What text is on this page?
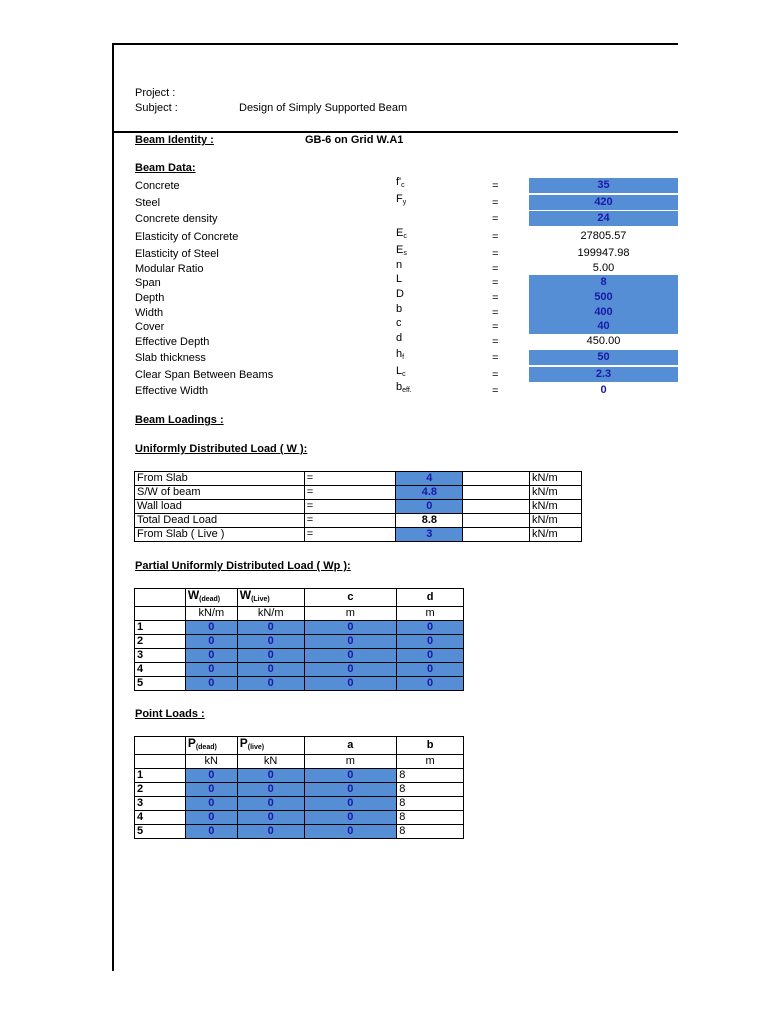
Project :
Subject :	Design of Simply Supported Beam
Beam Identity :	GB-6 on Grid W.A1
Beam Data:
Concrete	$f'_c$	=	35
Steel	$F_y$	=	420
Concrete density	=	24
Elasticity of Concrete	$E_c$	=	27805.57
Elasticity of Steel	$E_s$	=	199947.98
Modular Ratio	n	=	5.00
Span	L	=	8
Depth	D	=	500
Width	b	=	400
Cover	c	=	40
Effective Depth	d	=	450.00
Slab thickness	$h_f$	=	50
Clear Span Between Beams	$L_c$	=	2.3
Effective Width	$b_{eff.}$	=	0
Beam Loadings :
Uniformly Distributed Load ( W ):
From Slab	=	4		kN/m
S/W of beam	=	4.8		kN/m
Wall load	=	0		kN/m
Total Dead Load	=	8.8		kN/m
From Slab ( Live )	=	3		kN/m
Partial Uniformly Distributed Load ( Wp ):
	$W_{(dead)}$	$W_{(Live)}$	c	d
	kN/m	kN/m	m	m
1	0	0	0	0
2	0	0	0	0
3	0	0	0	0
4	0	0	0	0
5	0	0	0	0
Point Loads :
	$P_{(dead)}$	$P_{(live)}$	a	b
	kN	kN	m	m
1	0	0	0	8
2	0	0	0	8
3	0	0	0	8
4	0	0	0	8
5	0	0	0	8
